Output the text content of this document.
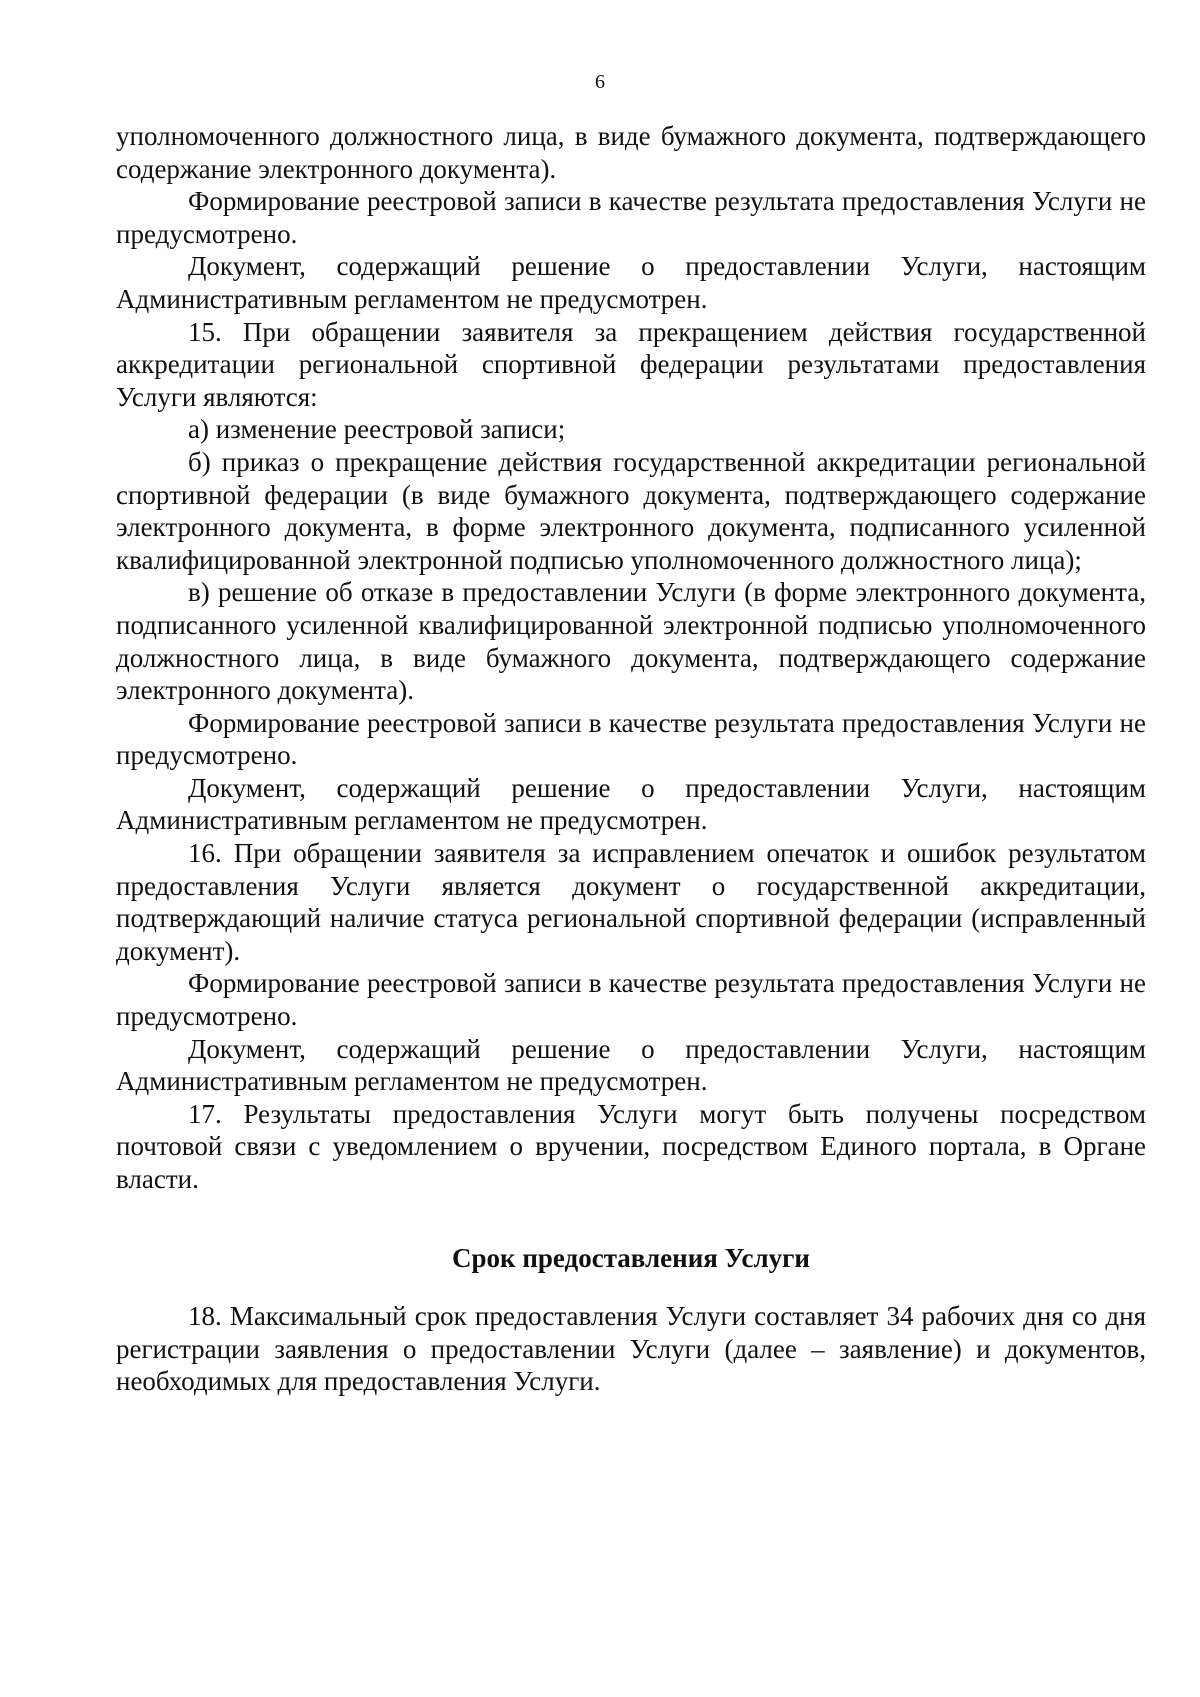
6

уполномоченного должностного лица, в виде бумажного документа, подтверждающего содержание электронного документа).

Формирование реестровой записи в качестве результата предоставления Услуги не предусмотрено.

Документ, содержащий решение о предоставлении Услуги, настоящим Административным регламентом не предусмотрен.

15. При обращении заявителя за прекращением действия государственной аккредитации региональной спортивной федерации результатами предоставления Услуги являются:

а) изменение реестровой записи;

б) приказ о прекращение действия государственной аккредитации региональной спортивной федерации (в виде бумажного документа, подтверждающего содержание электронного документа, в форме электронного документа, подписанного усиленной квалифицированной электронной подписью уполномоченного должностного лица);

в) решение об отказе в предоставлении Услуги (в форме электронного документа, подписанного усиленной квалифицированной электронной подписью уполномоченного должностного лица, в виде бумажного документа, подтверждающего содержание электронного документа).

Формирование реестровой записи в качестве результата предоставления Услуги не предусмотрено.

Документ, содержащий решение о предоставлении Услуги, настоящим Административным регламентом не предусмотрен.

16. При обращении заявителя за исправлением опечаток и ошибок результатом предоставления Услуги является документ о государственной аккредитации, подтверждающий наличие статуса региональной спортивной федерации (исправленный документ).

Формирование реестровой записи в качестве результата предоставления Услуги не предусмотрено.

Документ, содержащий решение о предоставлении Услуги, настоящим Административным регламентом не предусмотрен.

17. Результаты предоставления Услуги могут быть получены посредством почтовой связи с уведомлением о вручении, посредством Единого портала, в Органе власти.

Срок предоставления Услуги

18. Максимальный срок предоставления Услуги составляет 34 рабочих дня со дня регистрации заявления о предоставлении Услуги (далее – заявление) и документов, необходимых для предоставления Услуги.
